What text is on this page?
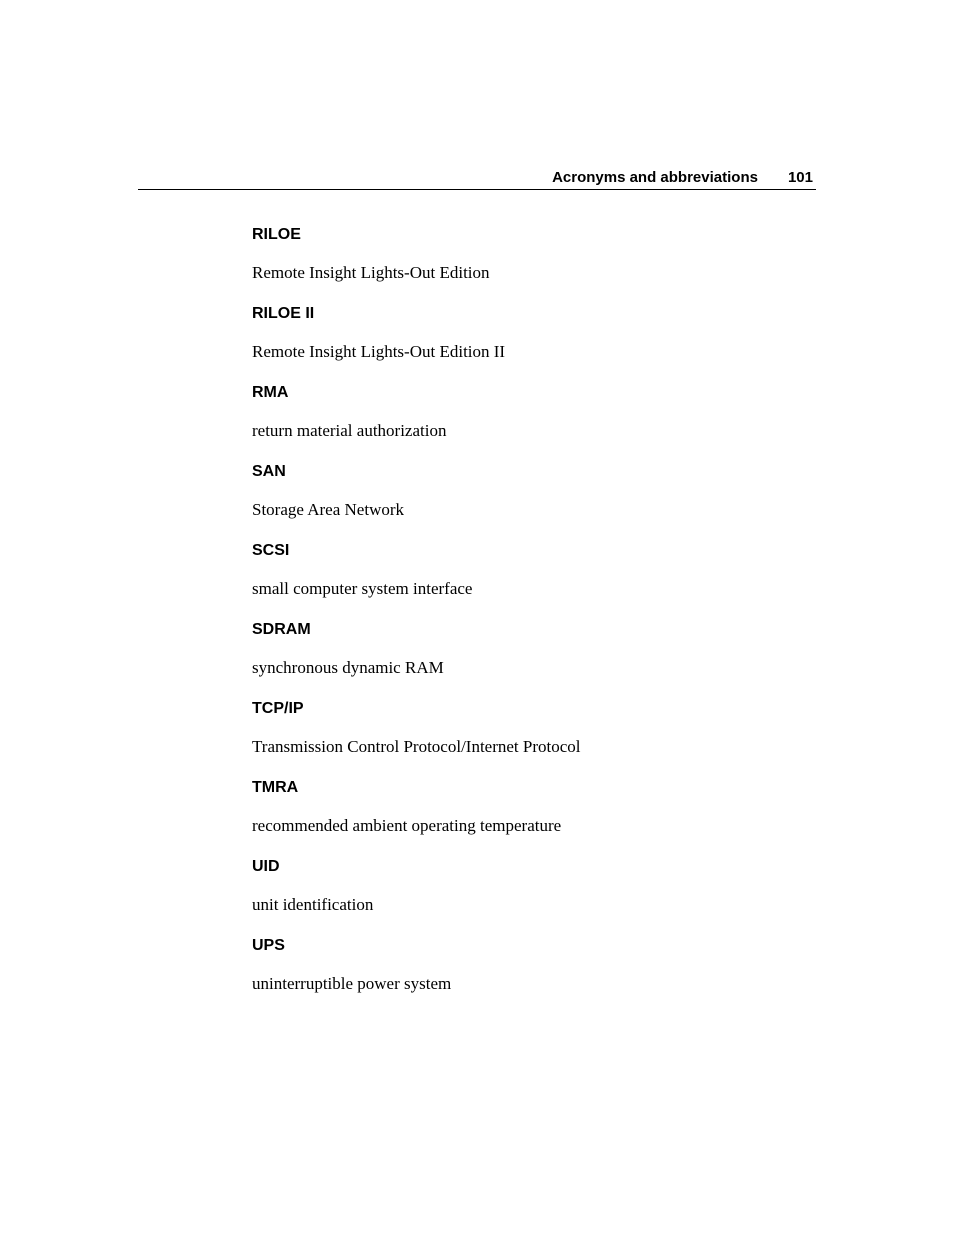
Acronyms and abbreviations 101
RILOE
Remote Insight Lights-Out Edition
RILOE II
Remote Insight Lights-Out Edition II
RMA
return material authorization
SAN
Storage Area Network
SCSI
small computer system interface
SDRAM
synchronous dynamic RAM
TCP/IP
Transmission Control Protocol/Internet Protocol
TMRA
recommended ambient operating temperature
UID
unit identification
UPS
uninterruptible power system
